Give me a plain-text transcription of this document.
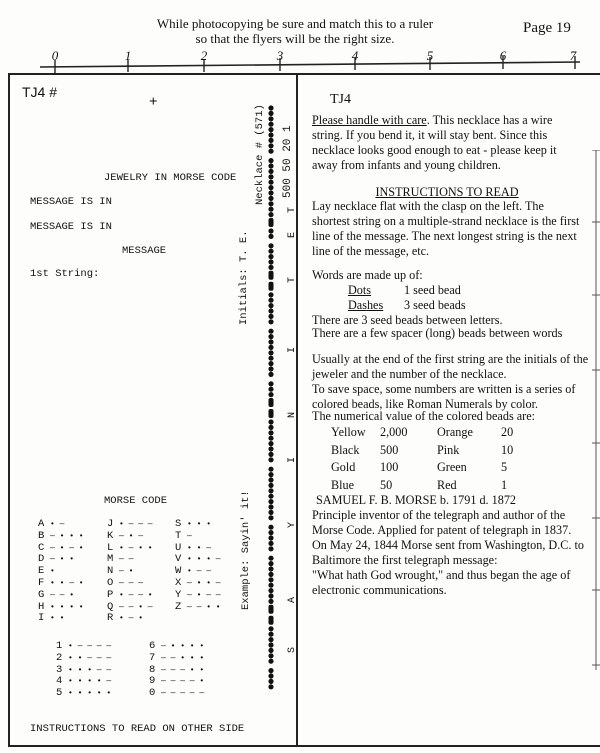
While photocopying be sure and match this to a ruler
so that the flyers will be the right size.
Page 19
0	1	2	3	4	5	6	7
TJ4 #
+
JEWELRY IN MORSE CODE
MESSAGE IS IN
MESSAGE IS IN
MESSAGE
1st String:
MORSE CODE
A • —
B — • • •
C — • — •
D — • •
E •
F • • — •
G — — •
H • • • •
I • •
J • — — —
K — • —
L • — • •
M — —
N — •
O — — —
P • — — •
Q — — • —
R • — •
S • • •
T —
U • • —
V • • • —
W • — —
X — • • —
Y — • — —
Z — — • •
1 • — — — —
2 • • — — —
3 • • • — —
4 • • • • —
5 • • • • •
6 — • • • •
7 — — • • •
8 — — — • •
9 — — — — •
0 — — — — —
INSTRUCTIONS TO READ ON OTHER SIDE
Initials: T. E.
Necklace # (571)
Example: Sayin' it!
500 50 20 1
T
E
T
I
N
I
Y
A
S
TJ4
Please handle with care. This necklace has a wire string. If you bend it, it will stay bent. Since this necklace looks good enough to eat - please keep it away from infants and young children.
INSTRUCTIONS TO READ
Lay necklace flat with the clasp on the left. The shortest string on a multiple-strand necklace is the first line of the message. The next longest string is the next line of the message, etc.
Words are made up of:
Dots	1 seed bead
Dashes 3 seed beads
There are 3 seed beads between letters.
There are a few spacer (long) beads between words
Usually at the end of the first string are the initials of the jeweler and the number of the necklace.
To save space, some numbers are written is a series of colored beads, like Roman Numerals by color.
The numerical value of the colored beads are:
Yellow	2,000	Orange	20
Black	500	Pink	10
Gold	100	Green	5
Blue	50	Red	1
SAMUEL F. B. MORSE b. 1791 d. 1872
Principle inventor of the telegraph and author of the Morse Code. Applied for patent of telegraph in 1837. On May 24, 1844 Morse sent from Washington, D.C. to Baltimore the first telegraph message:
"What hath God wrought," and thus began the age of electronic communications.
